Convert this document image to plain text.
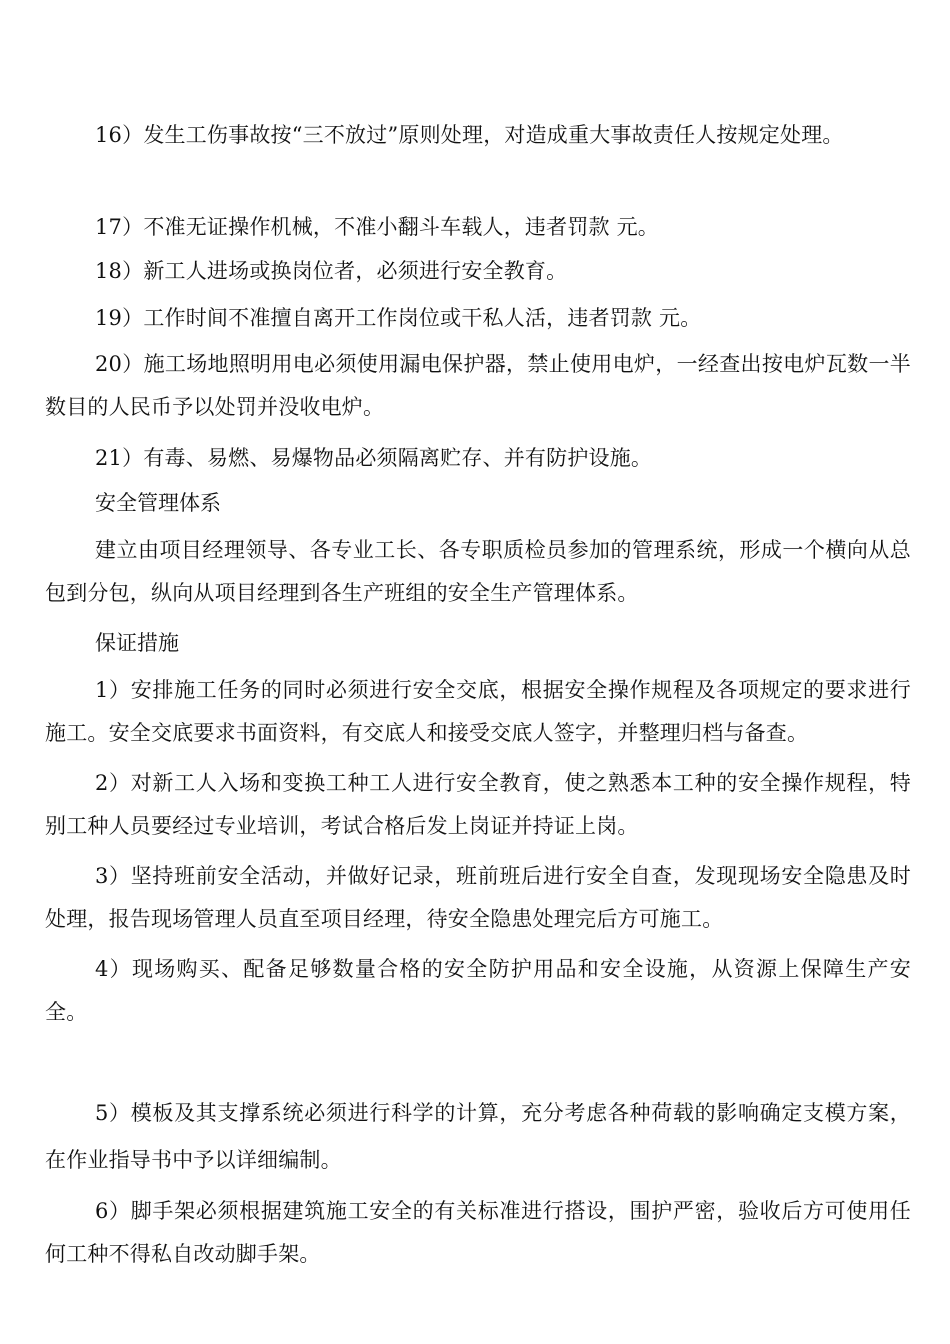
16）发生工伤事故按“三不放过”原则处理，对造成重大事故责任人按规定处理。

17）不准无证操作机械，不准小翻斗车载人，违者罚款 元。

18）新工人进场或换岗位者，必须进行安全教育。

19）工作时间不准擅自离开工作岗位或干私人活，违者罚款 元。

20）施工场地照明用电必须使用漏电保护器，禁止使用电炉，一经查出按电炉瓦数一半数目的人民币予以处罚并没收电炉。

21）有毒、易燃、易爆物品必须隔离贮存、并有防护设施。

安全管理体系

建立由项目经理领导、各专业工长、各专职质检员参加的管理系统，形成一个横向从总包到分包，纵向从项目经理到各生产班组的安全生产管理体系。

保证措施

1）安排施工任务的同时必须进行安全交底，根据安全操作规程及各项规定的要求进行施工。安全交底要求书面资料，有交底人和接受交底人签字，并整理归档与备查。

2）对新工人入场和变换工种工人进行安全教育，使之熟悉本工种的安全操作规程，特别工种人员要经过专业培训，考试合格后发上岗证并持证上岗。

3）坚持班前安全活动，并做好记录，班前班后进行安全自查，发现现场安全隐患及时处理，报告现场管理人员直至项目经理，待安全隐患处理完后方可施工。

4）现场购买、配备足够数量合格的安全防护用品和安全设施，从资源上保障生产安全。

5）模板及其支撑系统必须进行科学的计算，充分考虑各种荷载的影响确定支模方案，在作业指导书中予以详细编制。

6）脚手架必须根据建筑施工安全的有关标准进行搭设，围护严密，验收后方可使用任何工种不得私自改动脚手架。
